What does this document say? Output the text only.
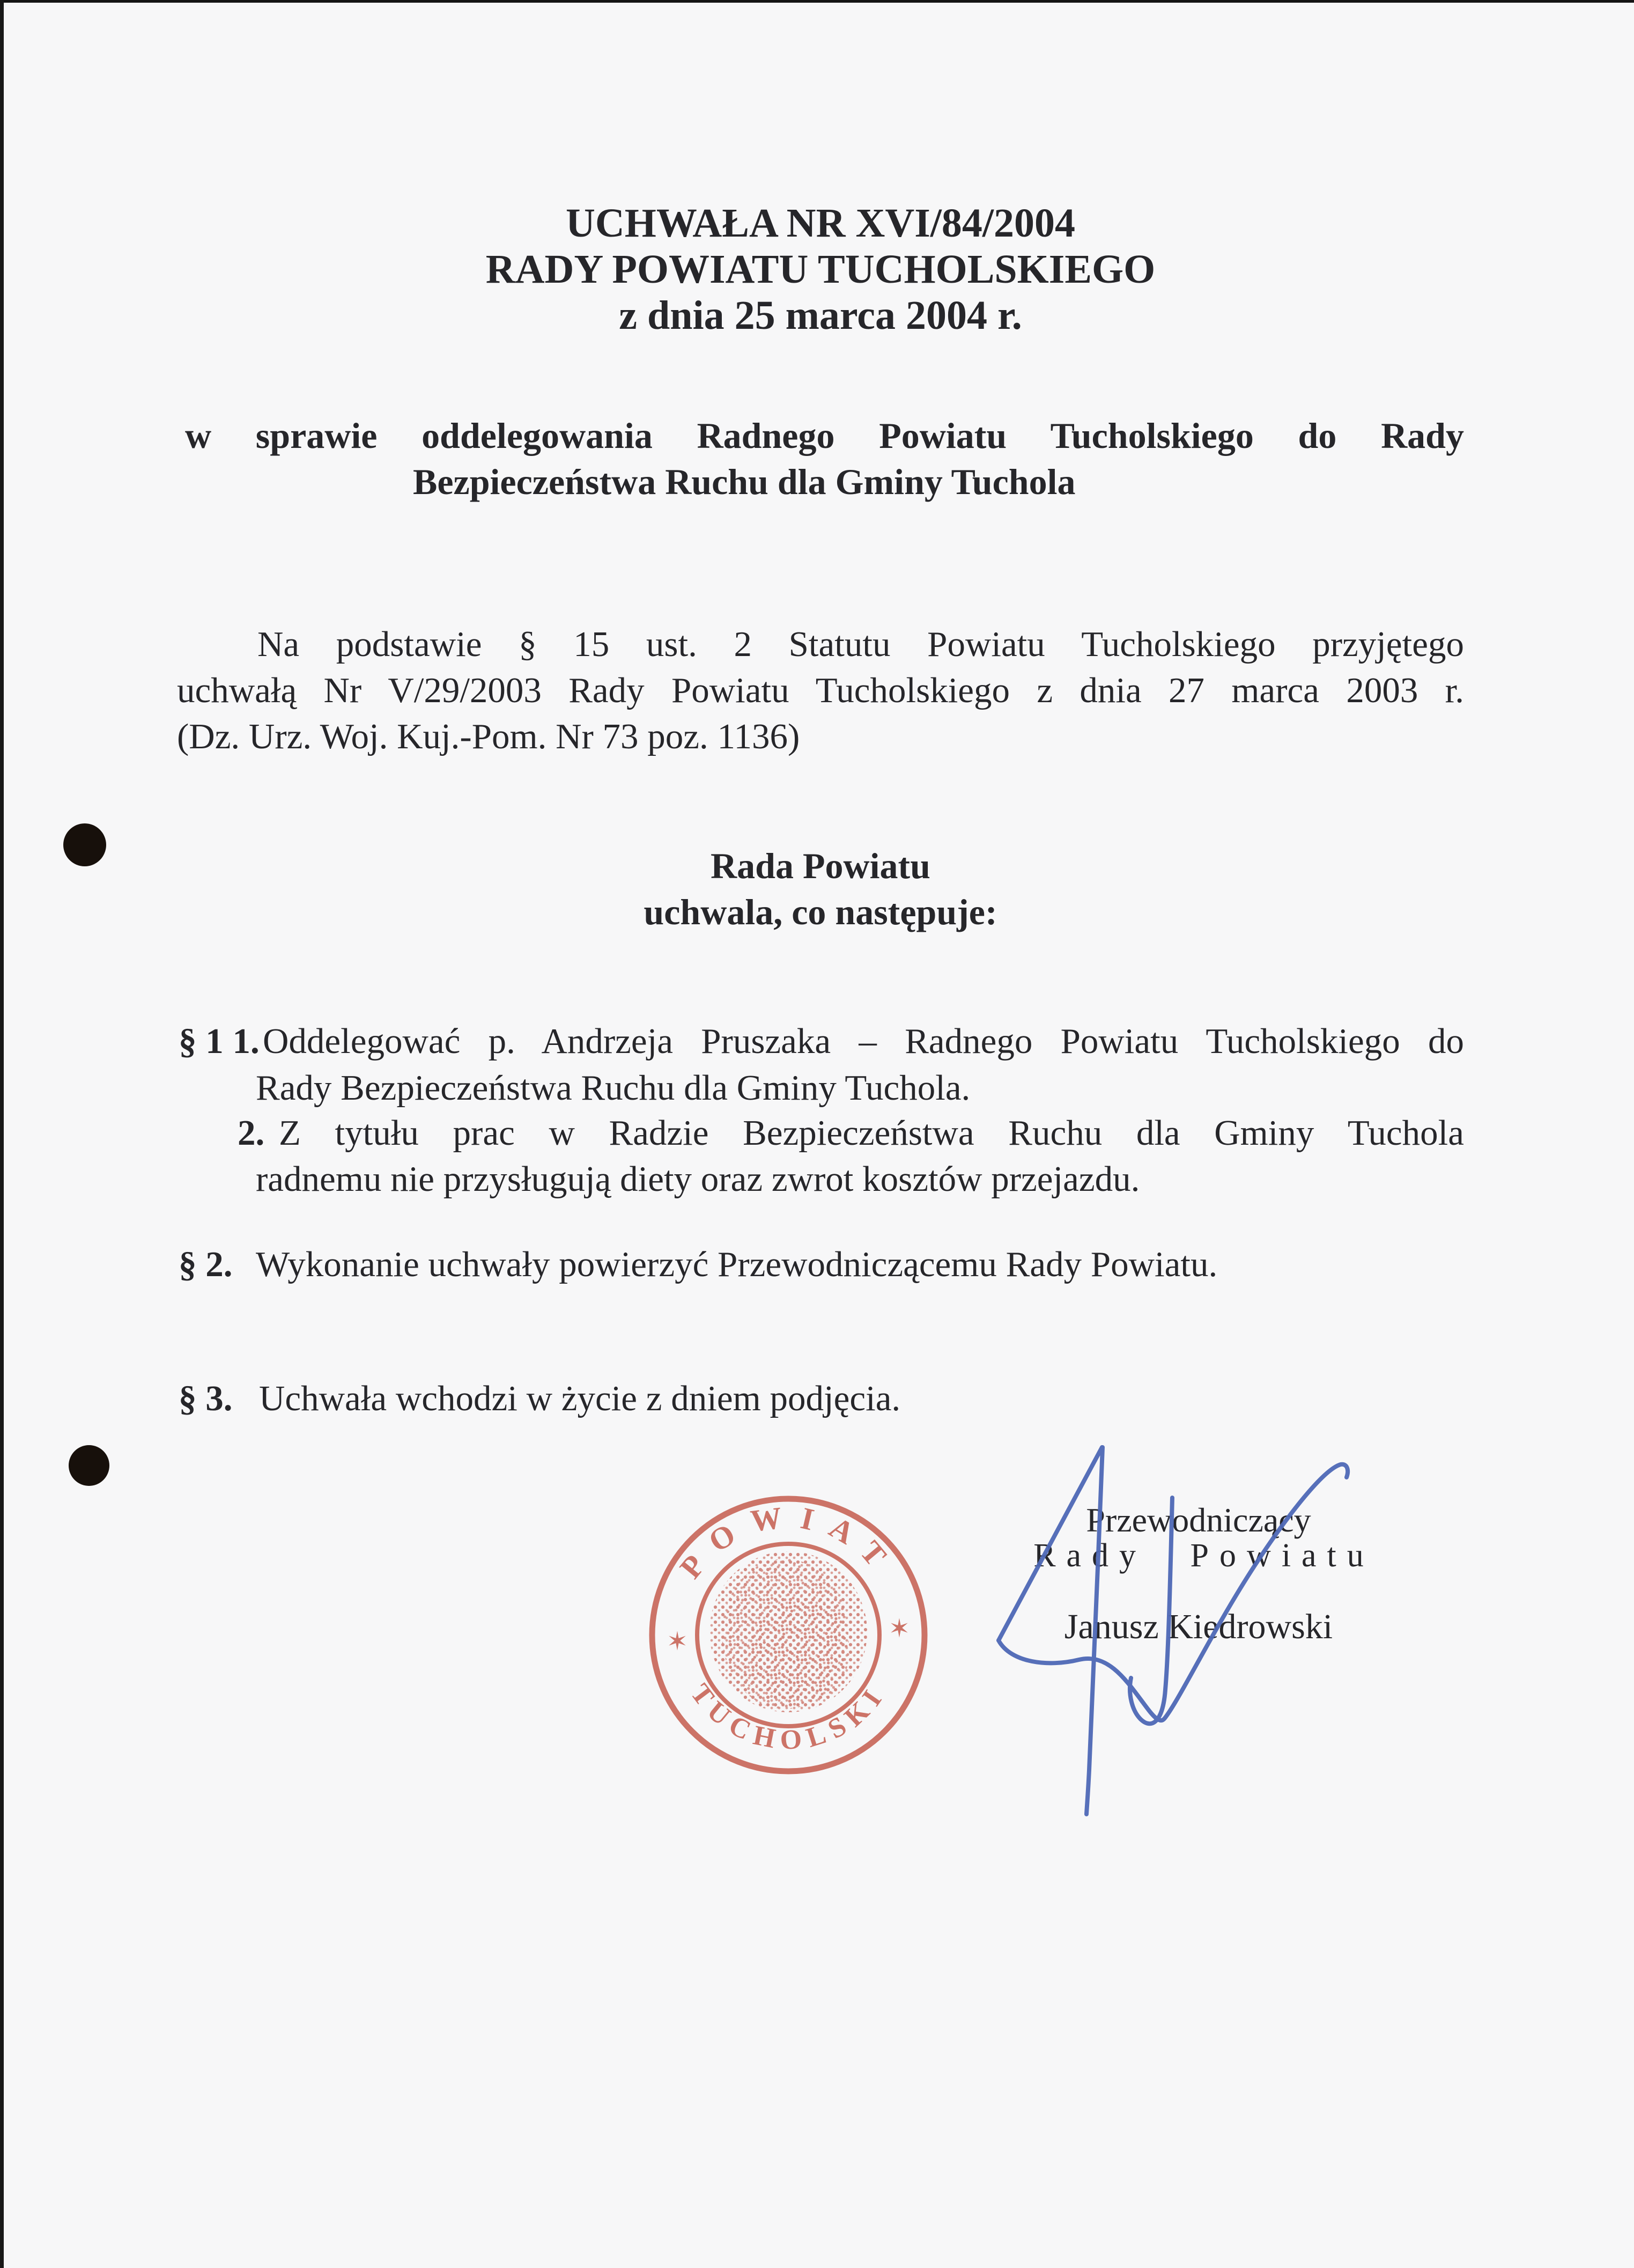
UCHWAŁA NR XVI/84/2004
RADY POWIATU TUCHOLSKIEGO
z dnia 25 marca 2004 r.
w sprawie oddelegowania Radnego Powiatu Tucholskiego do Rady
Bezpieczeństwa Ruchu dla Gminy Tuchola
Na podstawie § 15 ust. 2 Statutu Powiatu Tucholskiego przyjętego
uchwałą Nr V/29/2003 Rady Powiatu Tucholskiego z dnia 27 marca 2003 r.
(Dz. Urz. Woj. Kuj.-Pom. Nr 73 poz. 1136)
Rada Powiatu
uchwala, co następuje:
§ 1 1. Oddelegować p. Andrzeja Pruszaka – Radnego Powiatu Tucholskiego do
Rady Bezpieczeństwa Ruchu dla Gminy Tuchola.
2. Z tytułu prac w Radzie Bezpieczeństwa Ruchu dla Gminy Tuchola
radnemu nie przysługują diety oraz zwrot kosztów przejazdu.
§ 2. Wykonanie uchwały powierzyć Przewodniczącemu Rady Powiatu.
§ 3. Uchwała wchodzi w życie z dniem podjęcia.
Przewodniczący
Rady Powiatu
Janusz Kiedrowski
POWIAT
TUCHOLSKI
✶	✶
